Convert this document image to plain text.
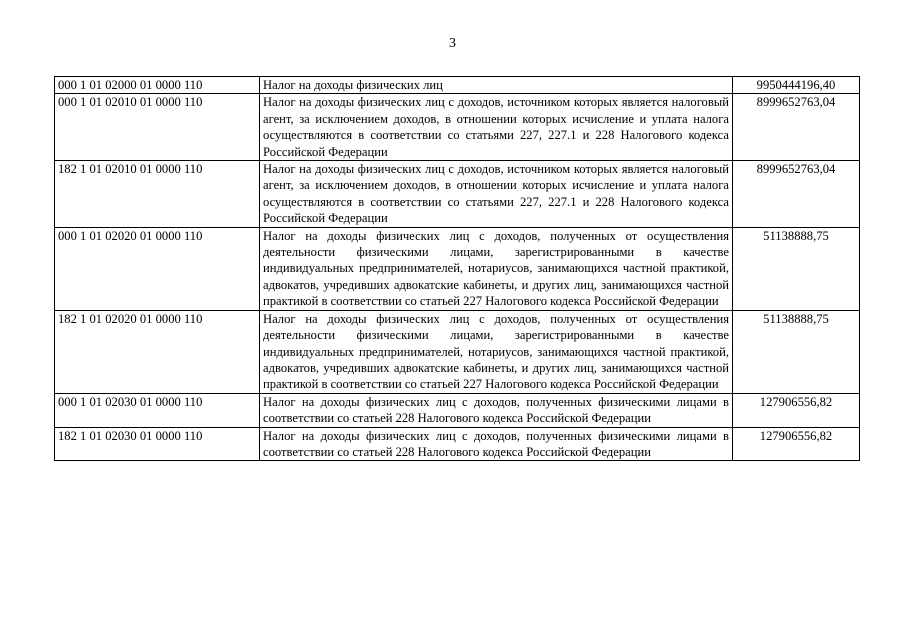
3
000 1 01 02000 01 0000 110	Налог на доходы физических лиц	9950444196,40
000 1 01 02010 01 0000 110	Налог на доходы физических лиц с доходов, источником которых является налоговый агент, за исключением доходов, в отношении которых исчисление и уплата налога осуществляются в соответствии со статьями 227, 227.1 и 228 Налогового кодекса Российской Федерации	8999652763,04
182 1 01 02010 01 0000 110	Налог на доходы физических лиц с доходов, источником которых является налоговый агент, за исключением доходов, в отношении которых исчисление и уплата налога осуществляются в соответствии со статьями 227, 227.1 и 228 Налогового кодекса Российской Федерации	8999652763,04
000 1 01 02020 01 0000 110	Налог на доходы физических лиц с доходов, полученных от осуществления деятельности физическими лицами, зарегистрированными в качестве индивидуальных предпринимателей, нотариусов, занимающихся частной практикой, адвокатов, учредивших адвокатские кабинеты, и других лиц, занимающихся частной практикой в соответствии со статьей 227 Налогового кодекса Российской Федерации	51138888,75
182 1 01 02020 01 0000 110	Налог на доходы физических лиц с доходов, полученных от осуществления деятельности физическими лицами, зарегистрированными в качестве индивидуальных предпринимателей, нотариусов, занимающихся частной практикой, адвокатов, учредивших адвокатские кабинеты, и других лиц, занимающихся частной практикой в соответствии со статьей 227 Налогового кодекса Российской Федерации	51138888,75
000 1 01 02030 01 0000 110	Налог на доходы физических лиц с доходов, полученных физическими лицами в соответствии со статьей 228 Налогового кодекса Российской Федерации	127906556,82
182 1 01 02030 01 0000 110	Налог на доходы физических лиц с доходов, полученных физическими лицами в соответствии со статьей 228 Налогового кодекса Российской Федерации	127906556,82
